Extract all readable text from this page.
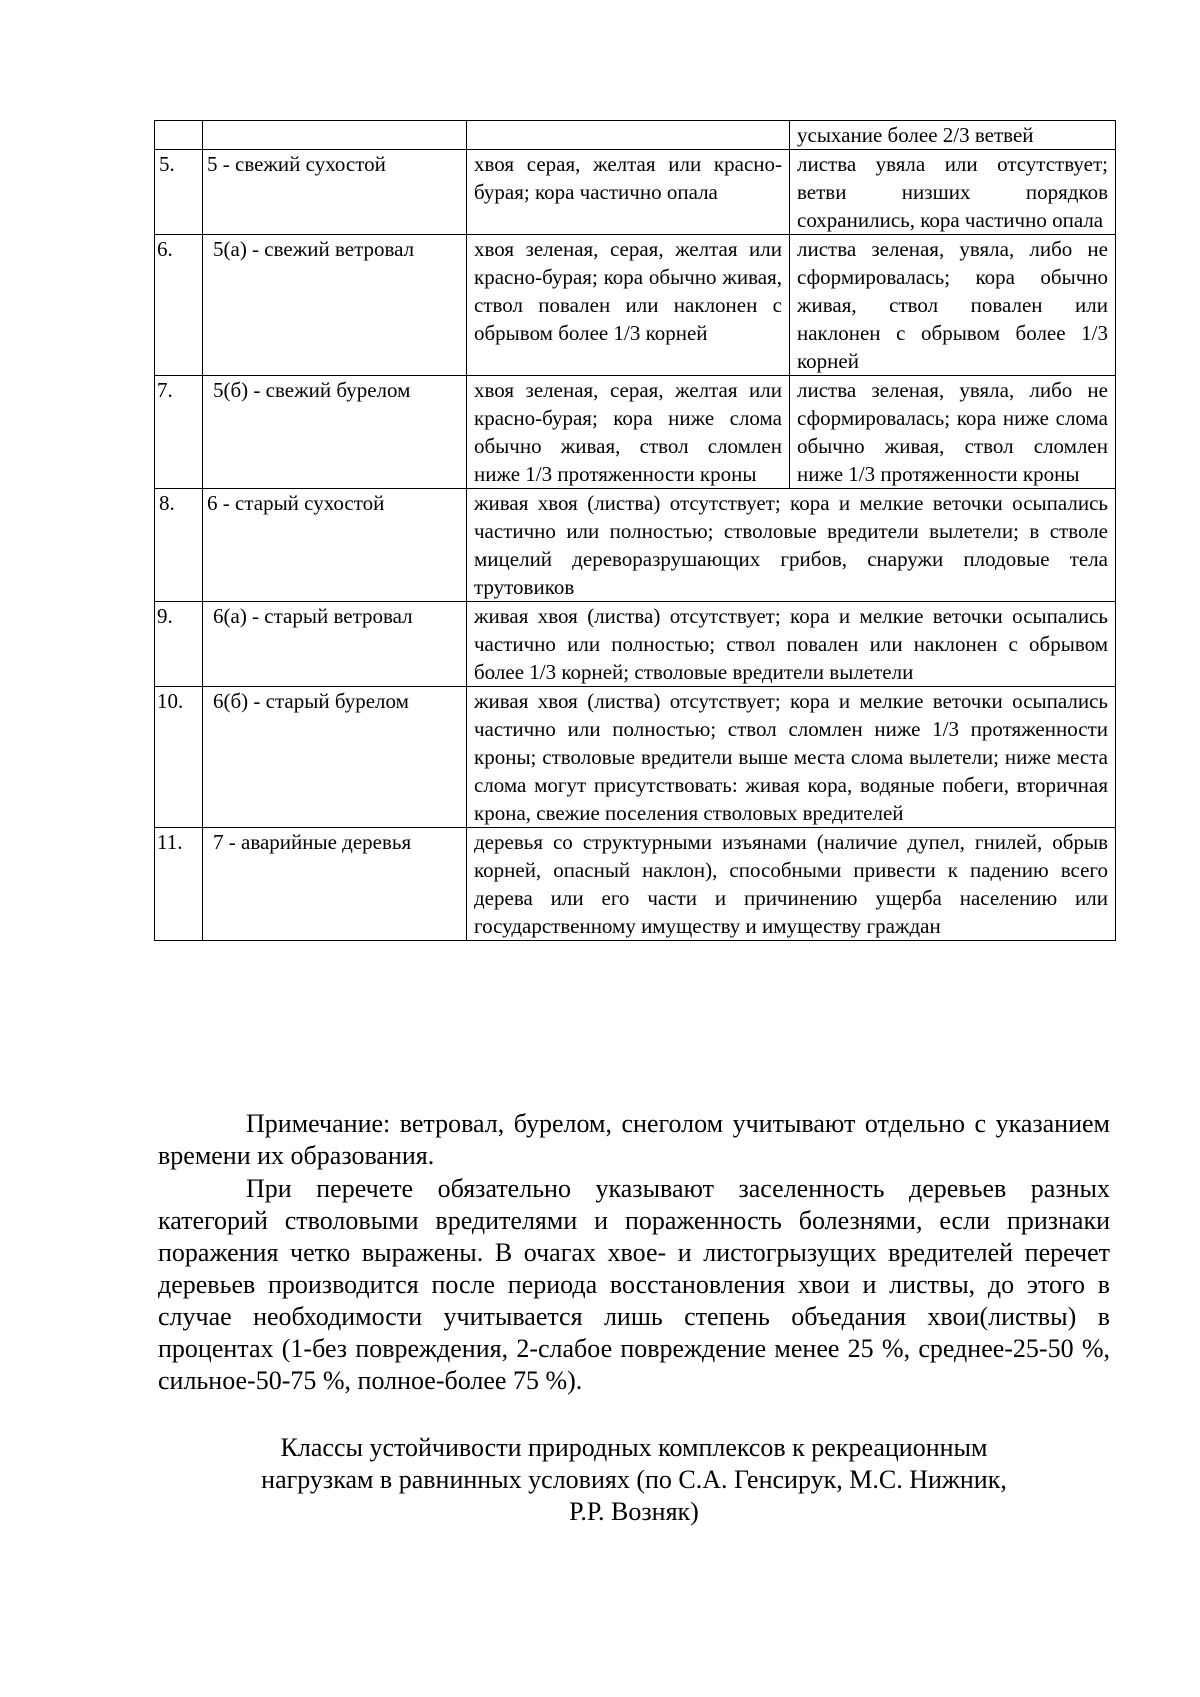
			усыхание более 2/3 ветвей
5.	5 - свежий сухостой	хвоя серая, желтая или красно-бурая; кора частично опала	листва увяла или отсутствует; ветви низших порядков сохранились, кора частично опала
6.	5(а) - свежий ветровал	хвоя зеленая, серая, желтая или красно-бурая; кора обычно живая, ствол повален или наклонен с обрывом более 1/3 корней	листва зеленая, увяла, либо не сформировалась; кора обычно живая, ствол повален или наклонен с обрывом более 1/3 корней
7.	5(б) - свежий бурелом	хвоя зеленая, серая, желтая или красно-бурая; кора ниже слома обычно живая, ствол сломлен ниже 1/3 протяженности кроны	листва зеленая, увяла, либо не сформировалась; кора ниже слома обычно живая, ствол сломлен ниже 1/3 протяженности кроны
8.	6 - старый сухостой	живая хвоя (листва) отсутствует; кора и мелкие веточки осыпались частично или полностью; стволовые вредители вылетели; в стволе мицелий дереворазрушающих грибов, снаружи плодовые тела трутовиков	
9.	6(а) - старый ветровал	живая хвоя (листва) отсутствует; кора и мелкие веточки осыпались частично или полностью; ствол повален или наклонен с обрывом более 1/3 корней; стволовые вредители вылетели	
10.	6(б) - старый бурелом	живая хвоя (листва) отсутствует; кора и мелкие веточки осыпались частично или полностью; ствол сломлен ниже 1/3 протяженности кроны; стволовые вредители выше места слома вылетели; ниже места слома могут присутствовать: живая кора, водяные побеги, вторичная крона, свежие поселения стволовых вредителей	
11.	7 - аварийные деревья	деревья со структурными изъянами (наличие дупел, гнилей, обрыв корней, опасный наклон), способными привести к падению всего дерева или его части и причинению ущерба населению или государственному имуществу и имуществу граждан	

Примечание: ветровал, бурелом, снеголом учитывают отдельно с указанием времени их образования.

При перечете обязательно указывают заселенность деревьев разных категорий стволовыми вредителями и пораженность болезнями, если признаки поражения четко выражены. В очагах хвое- и листогрызущих вредителей перечет деревьев производится после периода восстановления хвои и листвы, до этого в случае необходимости учитывается лишь степень объедания хвои(листвы) в процентах (1-без повреждения, 2-слабое повреждение менее 25 %, среднее-25-50 %, сильное-50-75 %, полное-более 75 %).

Классы устойчивости природных комплексов к рекреационным
нагрузкам в равнинных условиях (по С.А. Генсирук, М.С. Нижник,
Р.Р. Возняк)
